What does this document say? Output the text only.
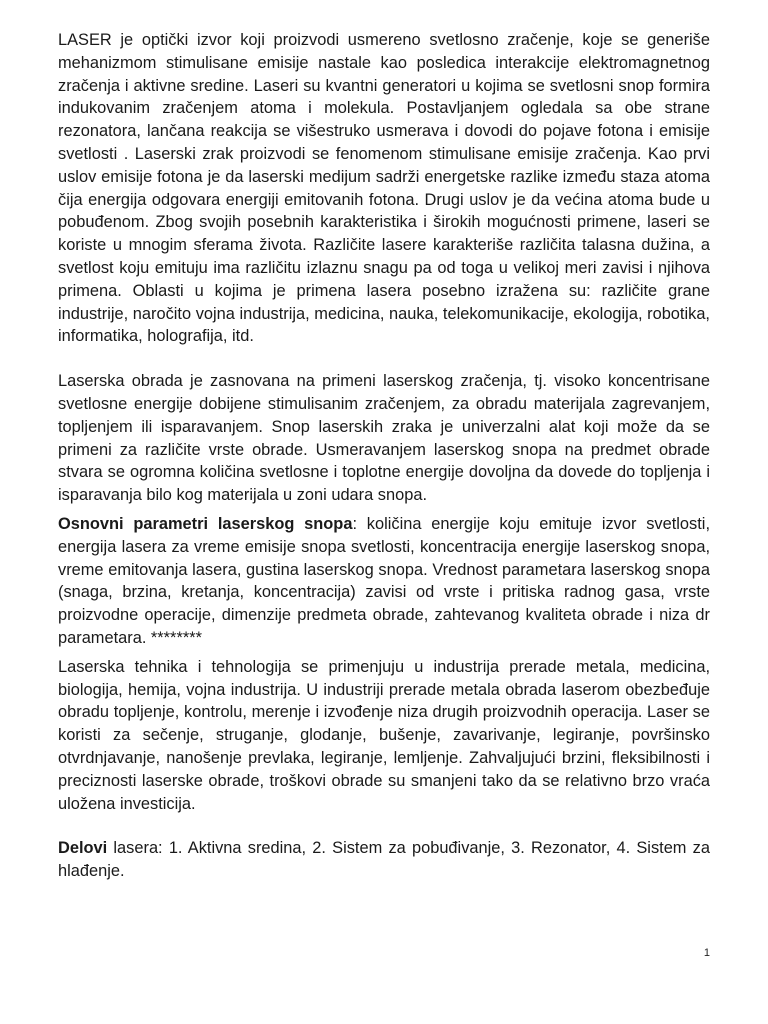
LASER je optički izvor koji proizvodi usmereno svetlosno zračenje, koje se generiše mehanizmom stimulisane emisije nastale kao posledica interakcije elektromagnetnog zračenja i aktivne sredine. Laseri su kvantni generatori u kojima se svetlosni snop formira indukovanim zračenjem atoma i molekula. Postavljanjem ogledala sa obe strane rezonatora, lančana reakcija se višestruko usmerava i dovodi do pojave fotona i emisije svetlosti . Laserski zrak proizvodi se fenomenom stimulisane emisije zračenja. Kao prvi uslov emisije fotona je da laserski medijum sadrži energetske razlike između staza atoma čija energija odgovara energiji emitovanih fotona. Drugi uslov je da većina atoma bude u pobuđenom. Zbog svojih posebnih karakteristika i širokih mogućnosti primene, laseri se koriste u mnogim sferama života. Različite lasere karakteriše različita talasna dužina, a svetlost koju emituju ima različitu izlaznu snagu pa od toga u velikoj meri zavisi i njihova primena. Oblasti u kojima je primena lasera posebno izražena su: različite grane industrije, naročito vojna industrija, medicina, nauka, telekomunikacije, ekologija, robotika, informatika, holografija, itd.

Laserska obrada je zasnovana na primeni laserskog zračenja, tj. visoko koncentrisane svetlosne energije dobijene stimulisanim zračenjem, za obradu materijala zagrevanjem, topljenjem ili isparavanjem. Snop laserskih zraka je univerzalni alat koji može da se primeni za različite vrste obrade. Usmeravanjem laserskog snopa na predmet obrade stvara se ogromna količina svetlosne i toplotne energije dovoljna da dovede do topljenja i isparavanja bilo kog materijala u zoni udara snopa.

Osnovni parametri laserskog snopa: količina energije koju emituje izvor svetlosti, energija lasera za vreme emisije snopa svetlosti, koncentracija energije laserskog snopa, vreme emitovanja lasera, gustina laserskog snopa. Vrednost parametara laserskog snopa (snaga, brzina, kretanja, koncentracija) zavisi od vrste i pritiska radnog gasa, vrste proizvodne operacije, dimenzije predmeta obrade, zahtevanog kvaliteta obrade i niza dr parametara. ********

Laserska tehnika i tehnologija se primenjuju u industrija prerade metala, medicina, biologija, hemija, vojna industrija. U industriji prerade metala obrada laserom obezbeđuje obradu topljenje, kontrolu, merenje i izvođenje niza drugih proizvodnih operacija. Laser se koristi za sečenje, struganje, glodanje, bušenje, zavarivanje, legiranje, površinsko otvrdnjavanje, nanošenje prevlaka, legiranje, lemljenje. Zahvaljujući brzini, fleksibilnosti i preciznosti laserske obrade, troškovi obrade su smanjeni tako da se relativno brzo vraća uložena investicija.

Delovi lasera: 1. Aktivna sredina, 2. Sistem za pobuđivanje, 3. Rezonator, 4. Sistem za hlađenje.

1
